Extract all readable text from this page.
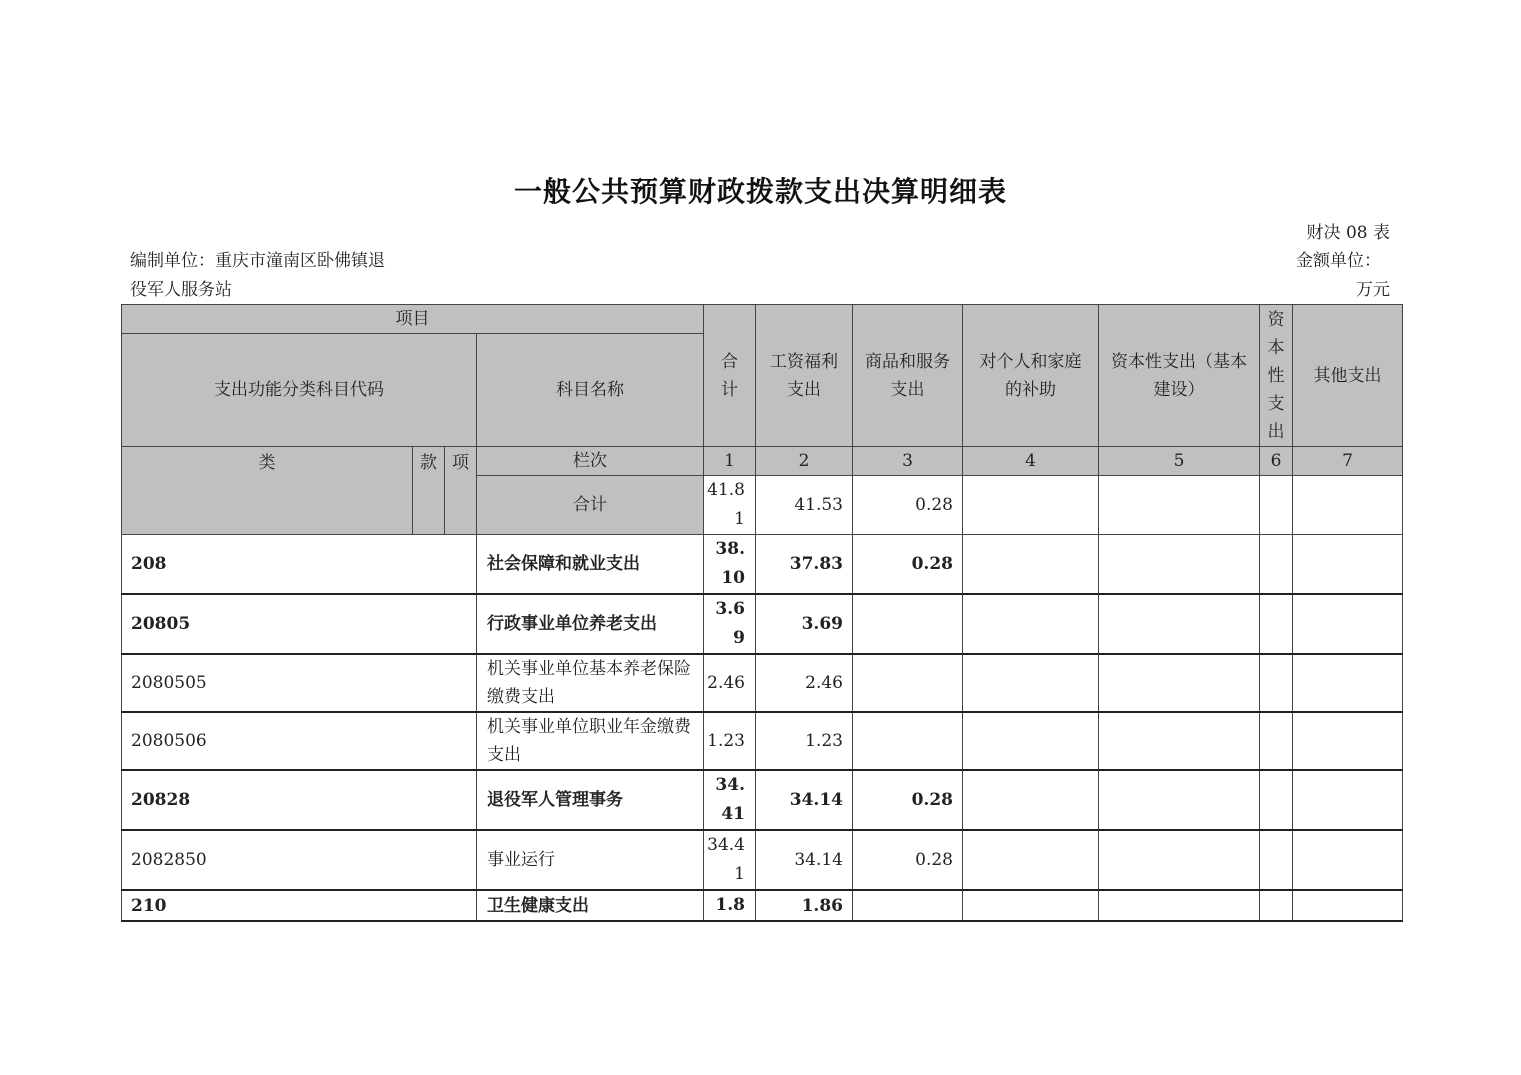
一般公共预算财政拨款支出决算明细表
财决 08 表
编制单位：重庆市潼南区卧佛镇退
役军人服务站
金额单位：
万元
项目				合计	工资福利支出	商品和服务支出	对个人和家庭的补助	资本性支出（基本建设）	资本性支出	其他支出
支出功能分类科目代码			科目名称							
类	款	项	栏次	1	2	3	4	5	6	7
			合计	41.81	41.53	0.28				
208			社会保障和就业支出	38.10	37.83	0.28				
20805			行政事业单位养老支出	3.69	3.69					
2080505			机关事业单位基本养老保险缴费支出	2.46	2.46					
2080506			机关事业单位职业年金缴费支出	1.23	1.23					
20828			退役军人管理事务	34.41	34.14	0.28				
2082850			事业运行	34.41	34.14	0.28				
210			卫生健康支出	1.8	1.86					
